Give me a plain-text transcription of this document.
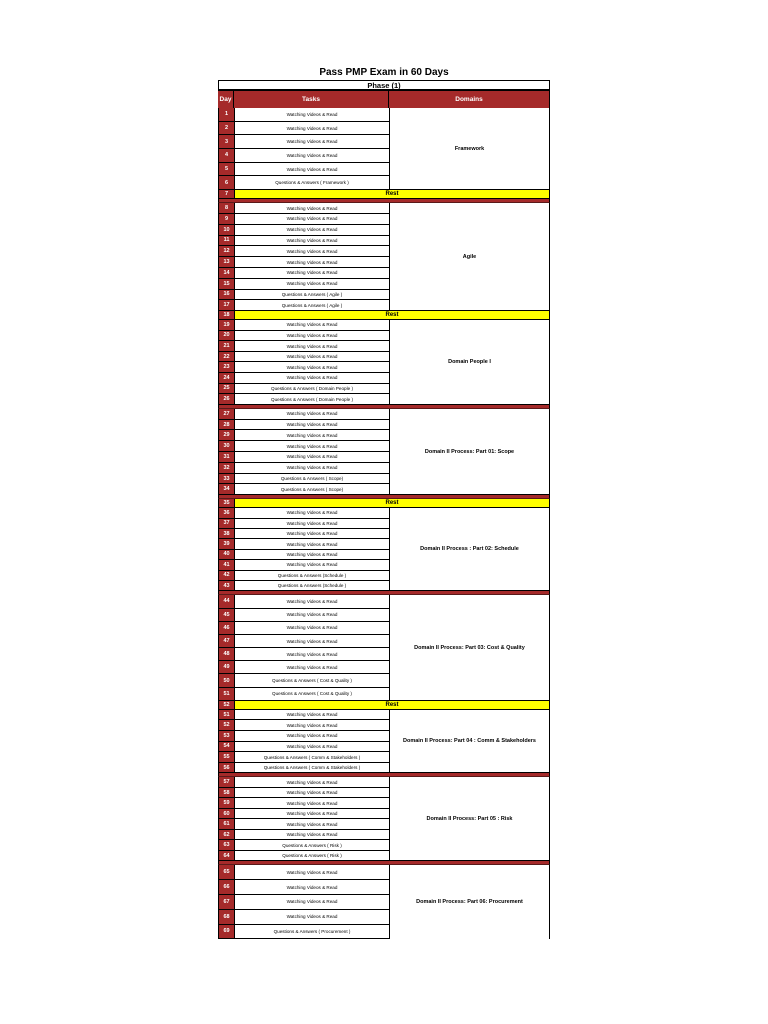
Pass PMP Exam in 60 Days
Phase (1)
Day	Tasks	Domains
1	Watching Videos & Read
2	Watching Videos & Read
3	Watching Videos & Read
4	Watching Videos & Read
5	Watching Videos & Read
6	Questions & Answers ( Framework )
Framework
7	Rest
8	Watching Videos & Read
9	Watching Videos & Read
10	Watching Videos & Read
11	Watching Videos & Read
12	Watching Videos & Read
13	Watching Videos & Read
14	Watching Videos & Read
15	Watching Videos & Read
16	Questions & Answers ( Agile )
17	Questions & Answers ( Agile )
Agile
18	Rest
19	Watching Videos & Read
20	Watching Videos & Read
21	Watching Videos & Read
22	Watching Videos & Read
23	Watching Videos & Read
24	Watching Videos & Read
25	Questions & Answers ( Domain People )
26	Questions & Answers ( Domain People )
Domain People I
27	Watching Videos & Read
28	Watching Videos & Read
29	Watching Videos & Read
30	Watching Videos & Read
31	Watching Videos & Read
32	Watching Videos & Read
33	Questions & Answers ( Scope)
34	Questions & Answers ( Scope)
Domain II Process: Part 01: Scope
35	Rest
36	Watching Videos & Read
37	Watching Videos & Read
38	Watching Videos & Read
39	Watching Videos & Read
40	Watching Videos & Read
41	Watching Videos & Read
42	Questions & Answers (Schedule )
43	Questions & Answers (Schedule )
Domain II Process : Part 02: Schedule
44	Watching Videos & Read
45	Watching Videos & Read
46	Watching Videos & Read
47	Watching Videos & Read
48	Watching Videos & Read
49	Watching Videos & Read
50	Questions & Answers ( Cost & Quality )
51	Questions & Answers ( Cost & Quality )
Domain II Process: Part 03: Cost & Quality
52	Rest
51	Watching Videos & Read
52	Watching Videos & Read
53	Watching Videos & Read
54	Watching Videos & Read
55	Questions & Answers ( Comm & Stakeholders )
56	Questions & Answers ( Comm & Stakeholders )
Domain II Process: Part 04 : Comm & Stakeholders
57	Watching Videos & Read
58	Watching Videos & Read
59	Watching Videos & Read
60	Watching Videos & Read
61	Watching Videos & Read
62	Watching Videos & Read
63	Questions & Answers ( Risk )
64	Questions & Answers ( Risk )
Domain II Process: Part 05 : Risk
65	Watching Videos & Read
66	Watching Videos & Read
67	Watching Videos & Read
68	Watching Videos & Read
69	Questions & Answers ( Procurement )
Domain II Process: Part 06: Procurement
